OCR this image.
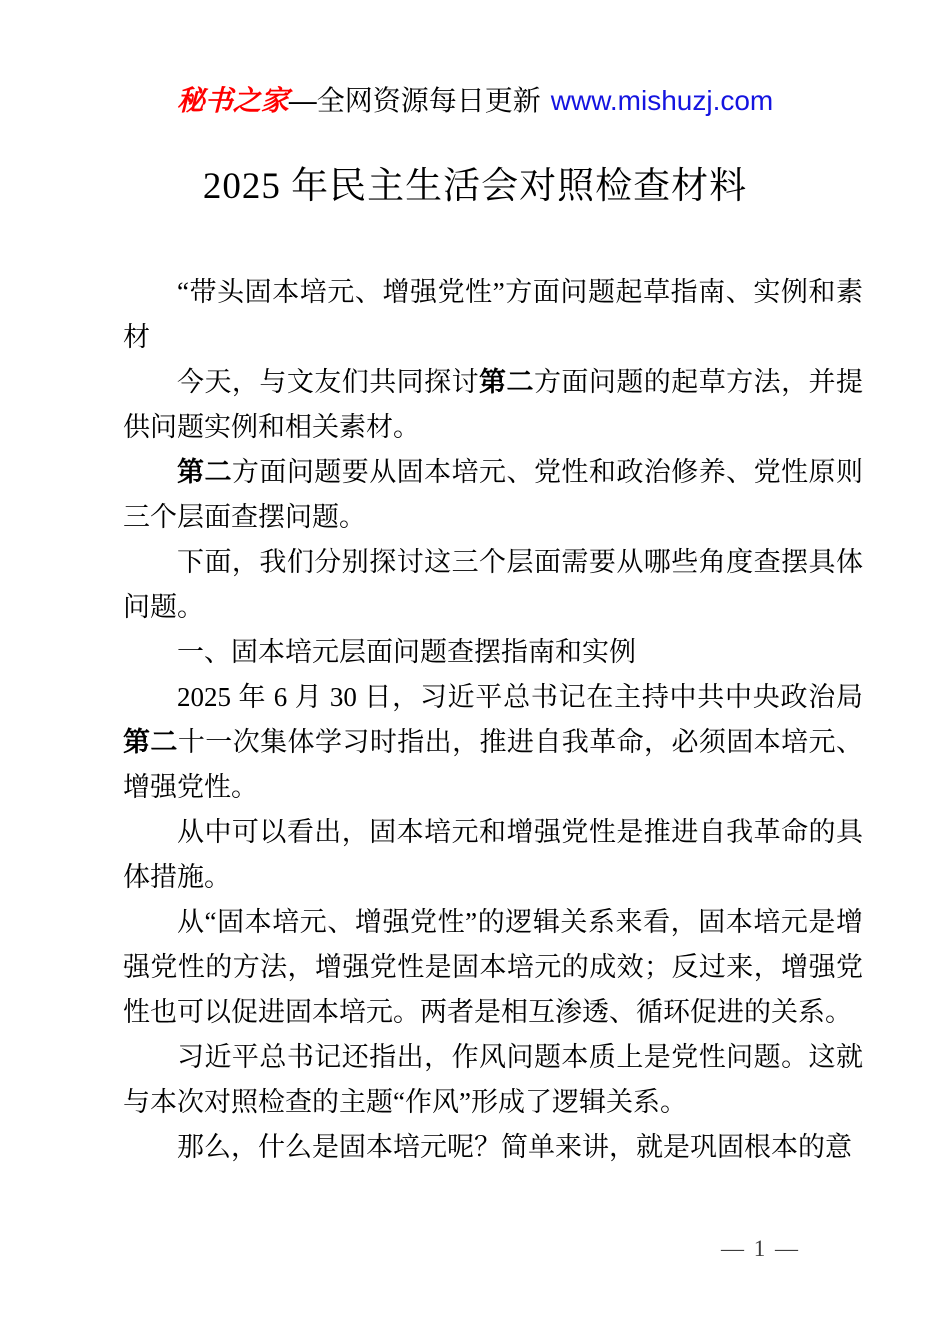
秘书之家—全网资源每日更新 www.mishuzj.com
2025 年民主生活会对照检查材料

“带头固本培元、增强党性”方面问题起草指南、实例和素材

今天，与文友们共同探讨第二方面问题的起草方法，并提供问题实例和相关素材。

第二方面问题要从固本培元、党性和政治修养、党性原则三个层面查摆问题。

下面，我们分别探讨这三个层面需要从哪些角度查摆具体问题。

一、固本培元层面问题查摆指南和实例

2025 年 6 月 30 日，习近平总书记在主持中共中央政治局第二十一次集体学习时指出，推进自我革命，必须固本培元、增强党性。

从中可以看出，固本培元和增强党性是推进自我革命的具体措施。

从“固本培元、增强党性”的逻辑关系来看，固本培元是增强党性的方法，增强党性是固本培元的成效；反过来，增强党性也可以促进固本培元。两者是相互渗透、循环促进的关系。

习近平总书记还指出，作风问题本质上是党性问题。这就与本次对照检查的主题“作风”形成了逻辑关系。

那么，什么是固本培元呢？简单来讲，就是巩固根本的意

— 1 —
